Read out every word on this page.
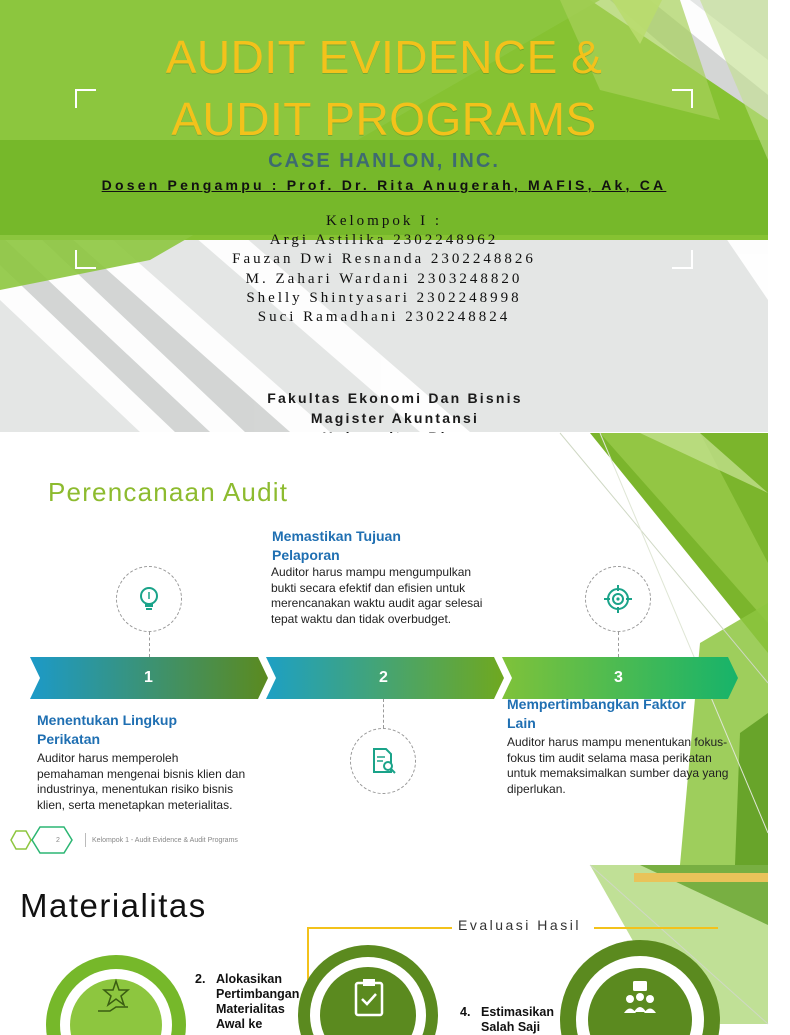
AUDIT EVIDENCE &
AUDIT PROGRAMS
CASE HANLON, INC.
Dosen Pengampu : Prof. Dr. Rita Anugerah, MAFIS, Ak, CA
Kelompok I :
Argi Astilika 2302248962
Fauzan Dwi Resnanda 2302248826
M. Zahari Wardani 2303248820
Shelly Shintyasari 2302248998
Suci Ramadhani 2302248824
Fakultas Ekonomi Dan Bisnis
Magister Akuntansi
Perencanaan Audit
1	2	3
Memastikan Tujuan Pelaporan
Auditor harus mampu mengumpulkan bukti secara efektif dan efisien untuk merencanakan waktu audit agar selesai tepat waktu dan tidak overbudget.
Menentukan Lingkup Perikatan
Auditor harus memperoleh pemahaman mengenai bisnis klien dan industrinya, menentukan risiko bisnis klien, serta menetapkan meterialitas.
Mempertimbangkan Faktor Lain
Auditor harus mampu menentukan fokus-fokus tim audit selama masa perikatan untuk memaksimalkan sumber daya yang diperlukan.
2	Kelompok 1 - Audit Evidence & Audit Programs
Materialitas
Evaluasi Hasil
2. Alokasikan
Pertimbangan
Materialitas
Awal ke
4. Estimasikan
Salah Saji
